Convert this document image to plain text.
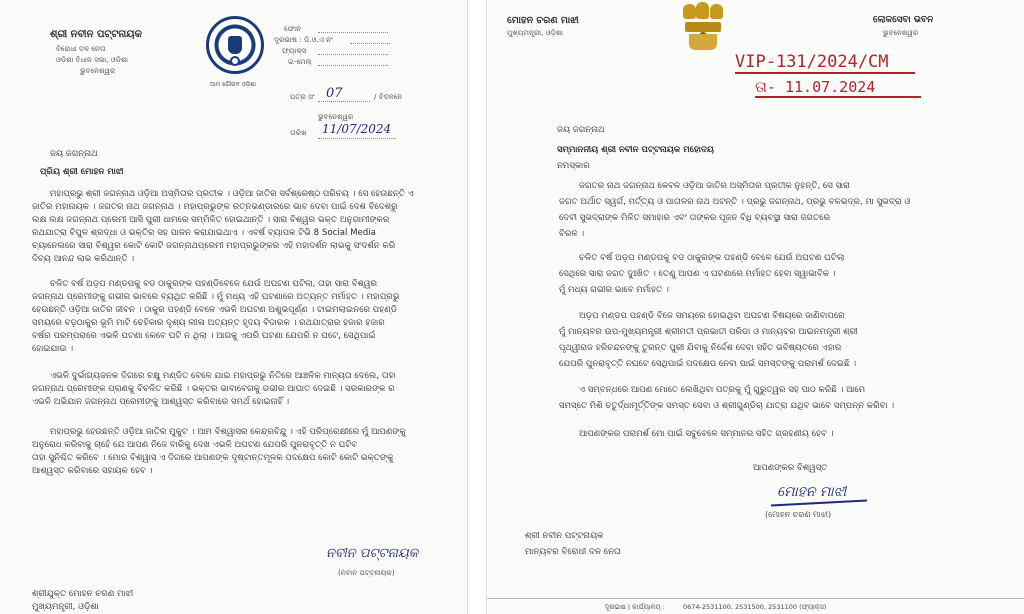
ଶ୍ରୀ ନବୀନ ପଟ୍ଟନାୟକ
ବିରୋଧୀ ଦଳ ନେତା
ଓଡ଼ିଶା ବିଧାନ ସଭା, ଓଡ଼ିଶା
ଭୁବନେଶ୍ୱର
ଆମ ଗୌରବ ଓଡ଼ିଶା
ଫୋନ
ଦୂରଭାଷ : ଡି.ଓ.ଏ ନଂ
ଫ୍ୟାକ୍ସ
ଇ-ମେଲ୍
ପତ୍ର ସଂ 07	/ ବିଦଳନେ
ଭୁବନେଶ୍ୱର
ତାରିଖ 11/07/2024
ଜୟ ଜଗନ୍ନାଥ
ପ୍ରିୟ ଶ୍ରୀ ମୋହନ ମାଝୀ
ମହାପ୍ରଭୁ ଶ୍ରୀ ଜଗନ୍ନାଥ ଓଡ଼ିଆ ଅସ୍ମିତାର ପ୍ରତୀକ । ଓଡ଼ିଆ ଜାତିର ସର୍ବଶ୍ରେଷ୍ଠ ପରିଚୟ । ସେ ହେଉଛନ୍ତି ଏ
ଜାତିର ମହାନାୟକ । ଜଗତର ନାଥ ଜଗନ୍ନାଥ । ମହାପ୍ରଭୁଙ୍କ ରତ୍ନଭଣ୍ଡାରରେ ଭାବ ଦେବା ପାଇଁ ଦେଶ ବିଦେଶରୁ
ଲକ୍ଷ ଲକ୍ଷ ଜଗନ୍ନାଥ ପ୍ରେମୀ ଆସି ପୁରୀ ଧାମରେ ସମ୍ମିଳିତ ହୋଇଥାନ୍ତି । ସାରା ବିଶ୍ୱର ଭକ୍ତ ଅନୁଗାମୀଙ୍କର
ରଥଯାତ୍ରା ବିପୁଳ ଶ୍ରଦ୍ଧା ଓ ଭକ୍ତିର ସହ ପାଳନ କରାଯାଇଥାଏ । ଏବର୍ଷ ବ୍ୟାପକ ଟିଭି 8 Social Media
ଚ୍ୟାନେଲରେ ସାରା ବିଶ୍ୱର କୋଟି କୋଟି ଜଗନ୍ନାଥପ୍ରେମୀ ମହାପ୍ରଭୁଙ୍କର ଏହି ମହାଦର୍ଶନ ଲାଭକୁ ସଂଦର୍ଶନ କରି
ଦିବ୍ୟ ଆନନ୍ଦ ଲାଭ କରିଥାନ୍ତି ।
ଚଳିତ ବର୍ଷ ଅଡ଼ପ ମଣ୍ଡପକୁ ବଡ ଠାକୁରଙ୍କ ପହଣ୍ଡିବେଳେ ଯେଉଁ ଅଘଟଣ ଘଟିଲା, ତାହା ସାରା ବିଶ୍ୱର
ଜଗନ୍ନାଥ ପ୍ରେମୀଙ୍କୁ ଗଭୀର ଭାବରେ ବ୍ୟଥିତ କରିଛି । ମୁଁ ମଧ୍ୟ ଏହି ଘଟଣାରେ ଅତ୍ୟନ୍ତ ମର୍ମାହତ । ମହାପ୍ରଭୁ
ହେଉଛନ୍ତି ଓଡ଼ିଆ ଜାତିର ଜୀବନ । ଠାକୁର ପହଣ୍ଡି ବେଳେ ଏଭଳି ଅଘଟଣ ଅଶୁଭପୂର୍ଣ୍ଣ । ଟାଇମଲାଇନରେ ପହଣ୍ଡି
ସମୟରେ ବଡ଼ଠାକୁର ଭୂମି ମାଟି ଚେହିକାର ଦୃଶ୍ୟ ଲୀଳା ଅତ୍ୟନ୍ତ ହୃଦୟ ବିଦାରକ । ରଥଯାତ୍ରାର ହଜାର ହଜାର
ବର୍ଷର ପରମ୍ପରାରେ ଏଭଳି ଘଟଣା କେବେ ଘଟି ନ ଥିଲା । ଆଗକୁ ଏପରି ଘଟଣା ଯେପରି ନ ଘଟେ, ସେଥିପାଇଁ
ହୋଇଯାଉ ।
ଏଭଳି ଦୁର୍ଭାଗ୍ୟଜନକ ଦିଗରେ ଚକ୍ଷୁ ମଣ୍ଡିତ ବେଳେ ଯାଇ ମହାପ୍ରଭୁ ନିତିରେ ଆଞ୍ଚଳିକ ମାନ୍ୟତା ଦେଲେ, ତାହା
ଜଗନ୍ନାଥ ପ୍ରେମୀଙ୍କ ପ୍ରାଣକୁ ବିଚଳିତ କରିଛି । ଭକ୍ତର ଭାବାବେଗକୁ ଗଭୀର ଆଘାତ ଦେଇଛି । ସରକାରଙ୍କ ର
ଏଭଳି ଅଭିଯାନ ଜଗନ୍ନାଥ ପ୍ରେମୀଙ୍କୁ ଆଶ୍ୱସ୍ତ କରିବାରେ ସମର୍ଥ ହୋଇନାହିଁ ।
ମହାପ୍ରଭୁ ହେଉଛନ୍ତି ଓଡ଼ିଆ ଜାତିର ମୁକୁଟ । ଆମ ବିଶ୍ୱାସର କେନ୍ଦ୍ରବିନ୍ଦୁ । ଏହି ପରିପ୍ରେକ୍ଷୀରେ ମୁଁ ଆପଣଙ୍କୁ
ଅନୁରୋଧ କରିବାକୁ ଚାହେଁ ଯେ ଆପଣ ନିଜେ ବାରିକୁ ଦେଖ ଏଭଳି ଅଘଟଣ ଯେପରି ପୁନରାବୃତ୍ତି ନ ଘଟିବ
ତାହା ସୁନିଶ୍ଚିତ କରିବେ । ମୋର ବିଶ୍ୱାସ ଏ ଦିଗରେ ଆପଣଙ୍କ ଦୃଷ୍ଟାନ୍ତମୂଳକ ପଦକ୍ଷେପ କୋଟି କୋଟି ଭକ୍ତଙ୍କୁ
ଆଶ୍ୱସ୍ତ କରିବାରେ ସହାୟକ ହେବ ।
ନବୀନ ପଟ୍ଟନାୟକ
(ନବୀନ ପଟ୍ଟନାୟକ)
ଶ୍ରୀଯୁକ୍ତ ମୋହନ ଚରଣ ମାଝୀ
ମୁଖ୍ୟମନ୍ତ୍ରୀ, ଓଡ଼ିଶା
ମୋହନ ଚରଣ ମାଝୀ
ମୁଖ୍ୟମନ୍ତ୍ରୀ, ଓଡ଼ିଶା
ଲୋକସେବା ଭବନ
ଭୁବନେଶ୍ୱର
VIP-131/2024/CM
ତା- 11.07.2024
ଜୟ ଜଗନ୍ନାଥ
ସମ୍ମାନନୀୟ ଶ୍ରୀ ନବୀନ ପଟ୍ଟନାୟକ ମହୋଦୟ
ନମସ୍କାର
ଜଗତର ନାଥ ଜଗନ୍ନାଥ କେବଳ ଓଡ଼ିଆ ଜାତିର ଅସ୍ମିତାର ପ୍ରତୀକ ନୁହନ୍ତି, ସେ ସାରା
ଜଗତ ଅର୍ଥାତ ସ୍ୱର୍ଗ, ମର୍ତ୍ତ୍ୟ ଓ ପାତାଳର ନାଥ ଅଟନ୍ତି । ପ୍ରଭୁ ଜଗନ୍ନାଥ, ପ୍ରଭୁ ବଳଭଦ୍ର, ମା ସୁଭଦ୍ରା ଓ
ଦେବୀ ସୁଭଦ୍ରାଙ୍କ ମିଳିତ ସମାହାର ଏବଂ ତାଙ୍କର ପୂଜନ ବିଧି ବ୍ୟବସ୍ଥା ସାରା ଜଗତରେ
ବିରଳ ।
ଚଳିତ ବର୍ଷ ଅଡ଼ପ ମଣ୍ଡପକୁ ବଡ ଠାକୁରଙ୍କ ପହଣ୍ଡି ବେଳେ ଯେଉଁ ଅଘଟଣ ଘଟିଲା
ସେଥିରେ ସାରା ଜଗତ ଦୁଃଖିତ । ତେଣୁ ଆପଣ ଏ ଘଟଣାରେ ମର୍ମାହତ ହେବା ସ୍ୱାଭାବିକ ।
ମୁଁ ମଧ୍ୟ ଗଭୀର ଭାବେ ମର୍ମାହତ ।
ଅଡ଼ପ ମଣ୍ଡପ ପହଣ୍ଡି ବିଜେ ସମୟରେ ହୋଇଥିବା ଅଘଟଣ ବିଷୟରେ ଜାଣିବାପରେ
ମୁଁ ମାନ୍ୟବର ଉପ-ମୁଖ୍ୟମନ୍ତ୍ରୀ ଶ୍ରୀମତୀ ପ୍ରଭାତୀ ପରିଡା ଓ ମାନ୍ୟବର ଆଇନମନ୍ତ୍ରୀ ଶ୍ରୀ
ପୃଥ୍ୱୀରାଜ ହରିଚନ୍ଦନଙ୍କୁ ତୁରନ୍ତ ପୁରୀ ଯିବାକୁ ନିର୍ଦ୍ଦେଶ ଦେବା ସହିତ ଭବିଷ୍ୟତରେ ଏହାର
ଯେପରି ପୁନରାବୃତ୍ତି ନଘଟେ ସେଥିପାଇଁ ପଦକ୍ଷେପ ନେବା ପାଇଁ ସମସ୍ତଙ୍କୁ ପରାମର୍ଶ ଦେଇଛି ।
ଏ ସମ୍ବନ୍ଧରେ ଆପଣ ମୋତେ ଲେଖିଥିବା ପତ୍ରକୁ ମୁଁ ଗୁରୁତ୍ୱର ସହ ପାଠ କରିଛି । ଆମେ
ସମସ୍ତେ ମିଶି ଚତୁର୍ଦ୍ଧାମୂର୍ତ୍ତିଙ୍କ ସମସ୍ତ ସେବା ଓ ଶ୍ରୀଗୁଣ୍ଡିଚା ଯାତ୍ରା ଯଥିବ ଭାବେ ସମ୍ପନ୍ନ କରିବା ।
ଆପଣଙ୍କର ପରାମର୍ଶ ମୋ ପାଇଁ ସବୁବେଳେ ସମ୍ମାନର ସହିତ ଗ୍ରହଣୀୟ ହେବ ।
ଆପଣଙ୍କର ବିଶ୍ୱସ୍ତ
ମୋହନ ମାଝୀ
(ମୋହନ ଚରଣ ମାଝୀ)
ଶ୍ରୀ ନବୀନ ପଟ୍ଟନାୟକ
ମାନ୍ୟବର ବିରୋଧୀ ଦଳ ନେତା
ଦୂରଭାଷ | କାର୍ଯ୍ୟାଳୟ :	0674-2531100, 2531500, 2531100 (ଫ୍ୟାକ୍ସ)
